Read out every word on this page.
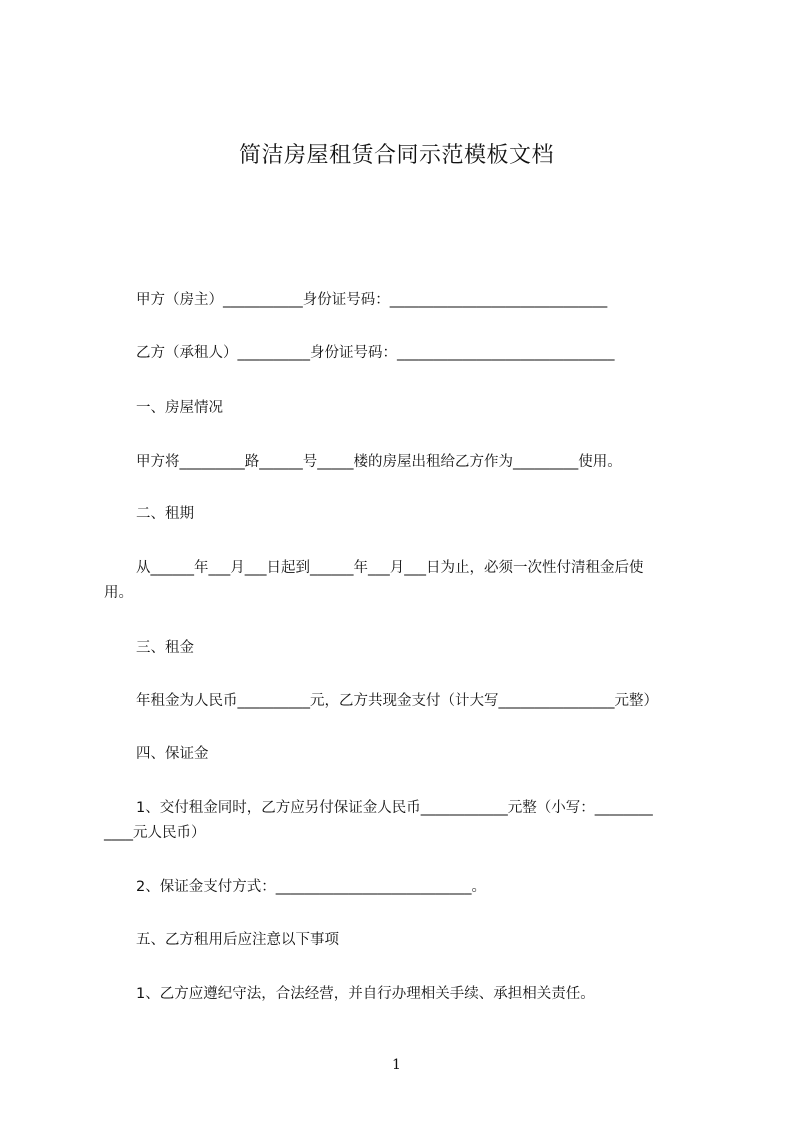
简洁房屋租赁合同示范模板文档
甲方（房主）___________身份证号码：______________________________
乙方（承租人）__________身份证号码：______________________________
一、房屋情况
甲方将_________路______号_____楼的房屋出租给乙方作为_________使用。
二、租期
从______年___月___日起到______年___月___日为止，必须一次性付清租金后使
用。
三、租金
年租金为人民币__________元，乙方共现金支付（计大写________________元整）
四、保证金
1、交付租金同时，乙方应另付保证金人民币____________元整（小写：________
____元人民币）
2、保证金支付方式：___________________________。
五、乙方租用后应注意以下事项
1、乙方应遵纪守法，合法经营，并自行办理相关手续、承担相关责任。
1
